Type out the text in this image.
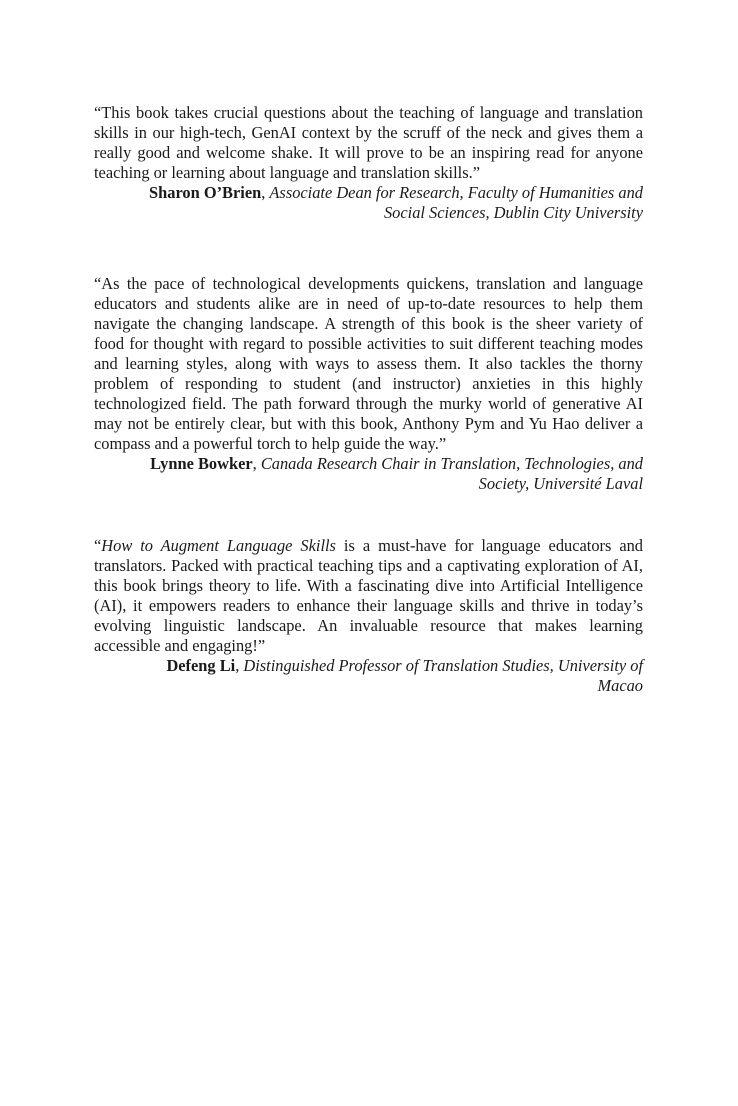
“This book takes crucial questions about the teaching of language and translation skills in our high-tech, GenAI context by the scruff of the neck and gives them a really good and welcome shake. It will prove to be an inspiring read for anyone teaching or learning about language and translation skills.”

Sharon O’Brien, Associate Dean for Research, Faculty of Humanities and Social Sciences, Dublin City University

“As the pace of technological developments quickens, translation and language educators and students alike are in need of up-to-date resources to help them navigate the changing landscape. A strength of this book is the sheer variety of food for thought with regard to possible activities to suit different teaching modes and learning styles, along with ways to assess them. It also tackles the thorny problem of responding to student (and instructor) anxieties in this highly technologized field. The path forward through the murky world of generative AI may not be entirely clear, but with this book, Anthony Pym and Yu Hao deliver a compass and a powerful torch to help guide the way.”

Lynne Bowker, Canada Research Chair in Translation, Technologies, and Society, Université Laval

“How to Augment Language Skills is a must-have for language educators and translators. Packed with practical teaching tips and a captivating exploration of AI, this book brings theory to life. With a fascinating dive into Artificial Intelligence (AI), it empowers readers to enhance their language skills and thrive in today’s evolving linguistic landscape. An invaluable resource that makes learning accessible and engaging!”

Defeng Li, Distinguished Professor of Translation Studies, University of Macao
